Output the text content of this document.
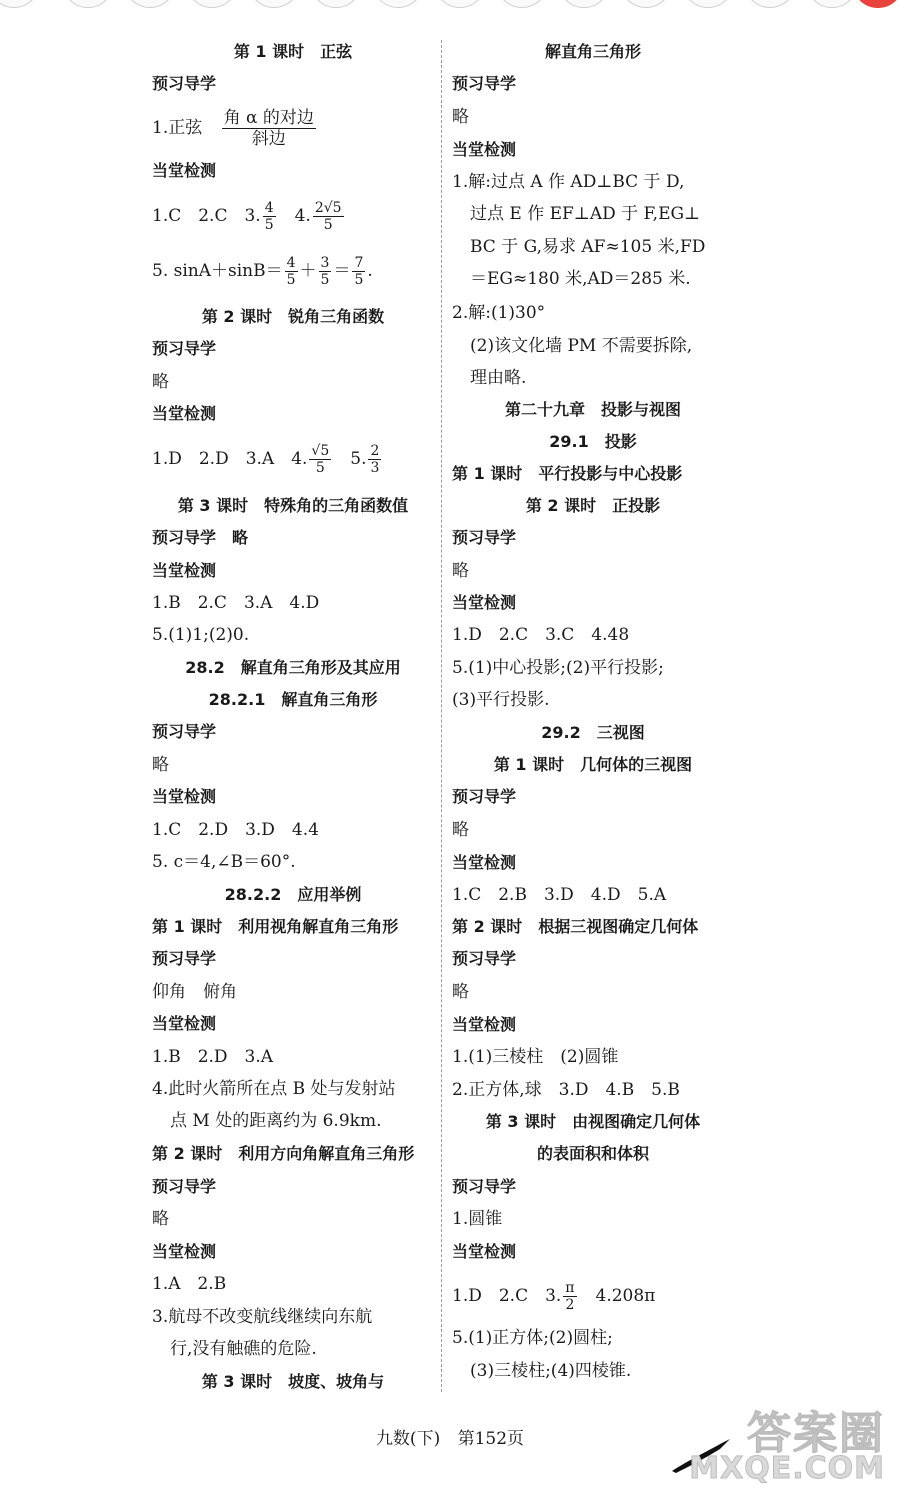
第 1 课时　正弦
预习导学
1.正弦 $\frac{\text{角 α 的对边}}{\text{斜边}}$
当堂检测
1.C　2.C　3. $\frac{4}{5}$ 　4. $\frac{2√5}{5}$
5. $\sin A+\sin B= \frac{4}{5} + \frac{3}{5} = \frac{7}{5}$ .
第 2 课时　锐角三角函数
预习导学
略
当堂检测
1.D　2.D　3.A　4. $\frac{√5}{5}$ 　5. $\frac{2}{3}$
第 3 课时　特殊角的三角函数值
预习导学　略
当堂检测
1.B　2.C　3.A　4.D
5.(1)1;(2)0.
28.2　解直角三角形及其应用
28.2.1　解直角三角形
预习导学
略
当堂检测
1.C　2.D　3.D　4.4
5. c＝4,∠B＝60°.
28.2.2　应用举例
第 1 课时　利用视角解直角三角形
预习导学
仰角　俯角
当堂检测
1.B　2.D　3.A
4.此时火箭所在点 B 处与发射站
点 M 处的距离约为 6.9km.
第 2 课时　利用方向角解直角三角形
预习导学
略
当堂检测
1.A　2.B
3.航母不改变航线继续向东航
行,没有触礁的危险.
第 3 课时　坡度、坡角与
解直角三角形
预习导学
略
当堂检测
1.解:过点 A 作 AD⊥BC 于 D,
过点 E 作 EF⊥AD 于 F,EG⊥
BC 于 G,易求 AF≈105 米,FD
＝EG≈180 米,AD＝285 米.
2.解:(1)30°
(2)该文化墙 PM 不需要拆除,
理由略.
第二十九章　投影与视图
29.1　投影
第 1 课时　平行投影与中心投影
第 2 课时　正投影
预习导学
略
当堂检测
1.D　2.C　3.C　4.48
5.(1)中心投影;(2)平行投影;
(3)平行投影.
29.2　三视图
第 1 课时　几何体的三视图
预习导学
略
当堂检测
1.C　2.B　3.D　4.D　5.A
第 2 课时　根据三视图确定几何体
预习导学
略
当堂检测
1.(1)三棱柱　(2)圆锥
2.正方体,球　3.D　4.B　5.B
第 3 课时　由视图确定几何体
的表面积和体积
预习导学
1.圆锥
当堂检测
1.D　2.C　3. $\frac{\pi}{2}$ 　4.208π
5.(1)正方体;(2)圆柱;
(3)三棱柱;(4)四棱锥.
九数(下) 第152页	答案圈
MXQE.COM
